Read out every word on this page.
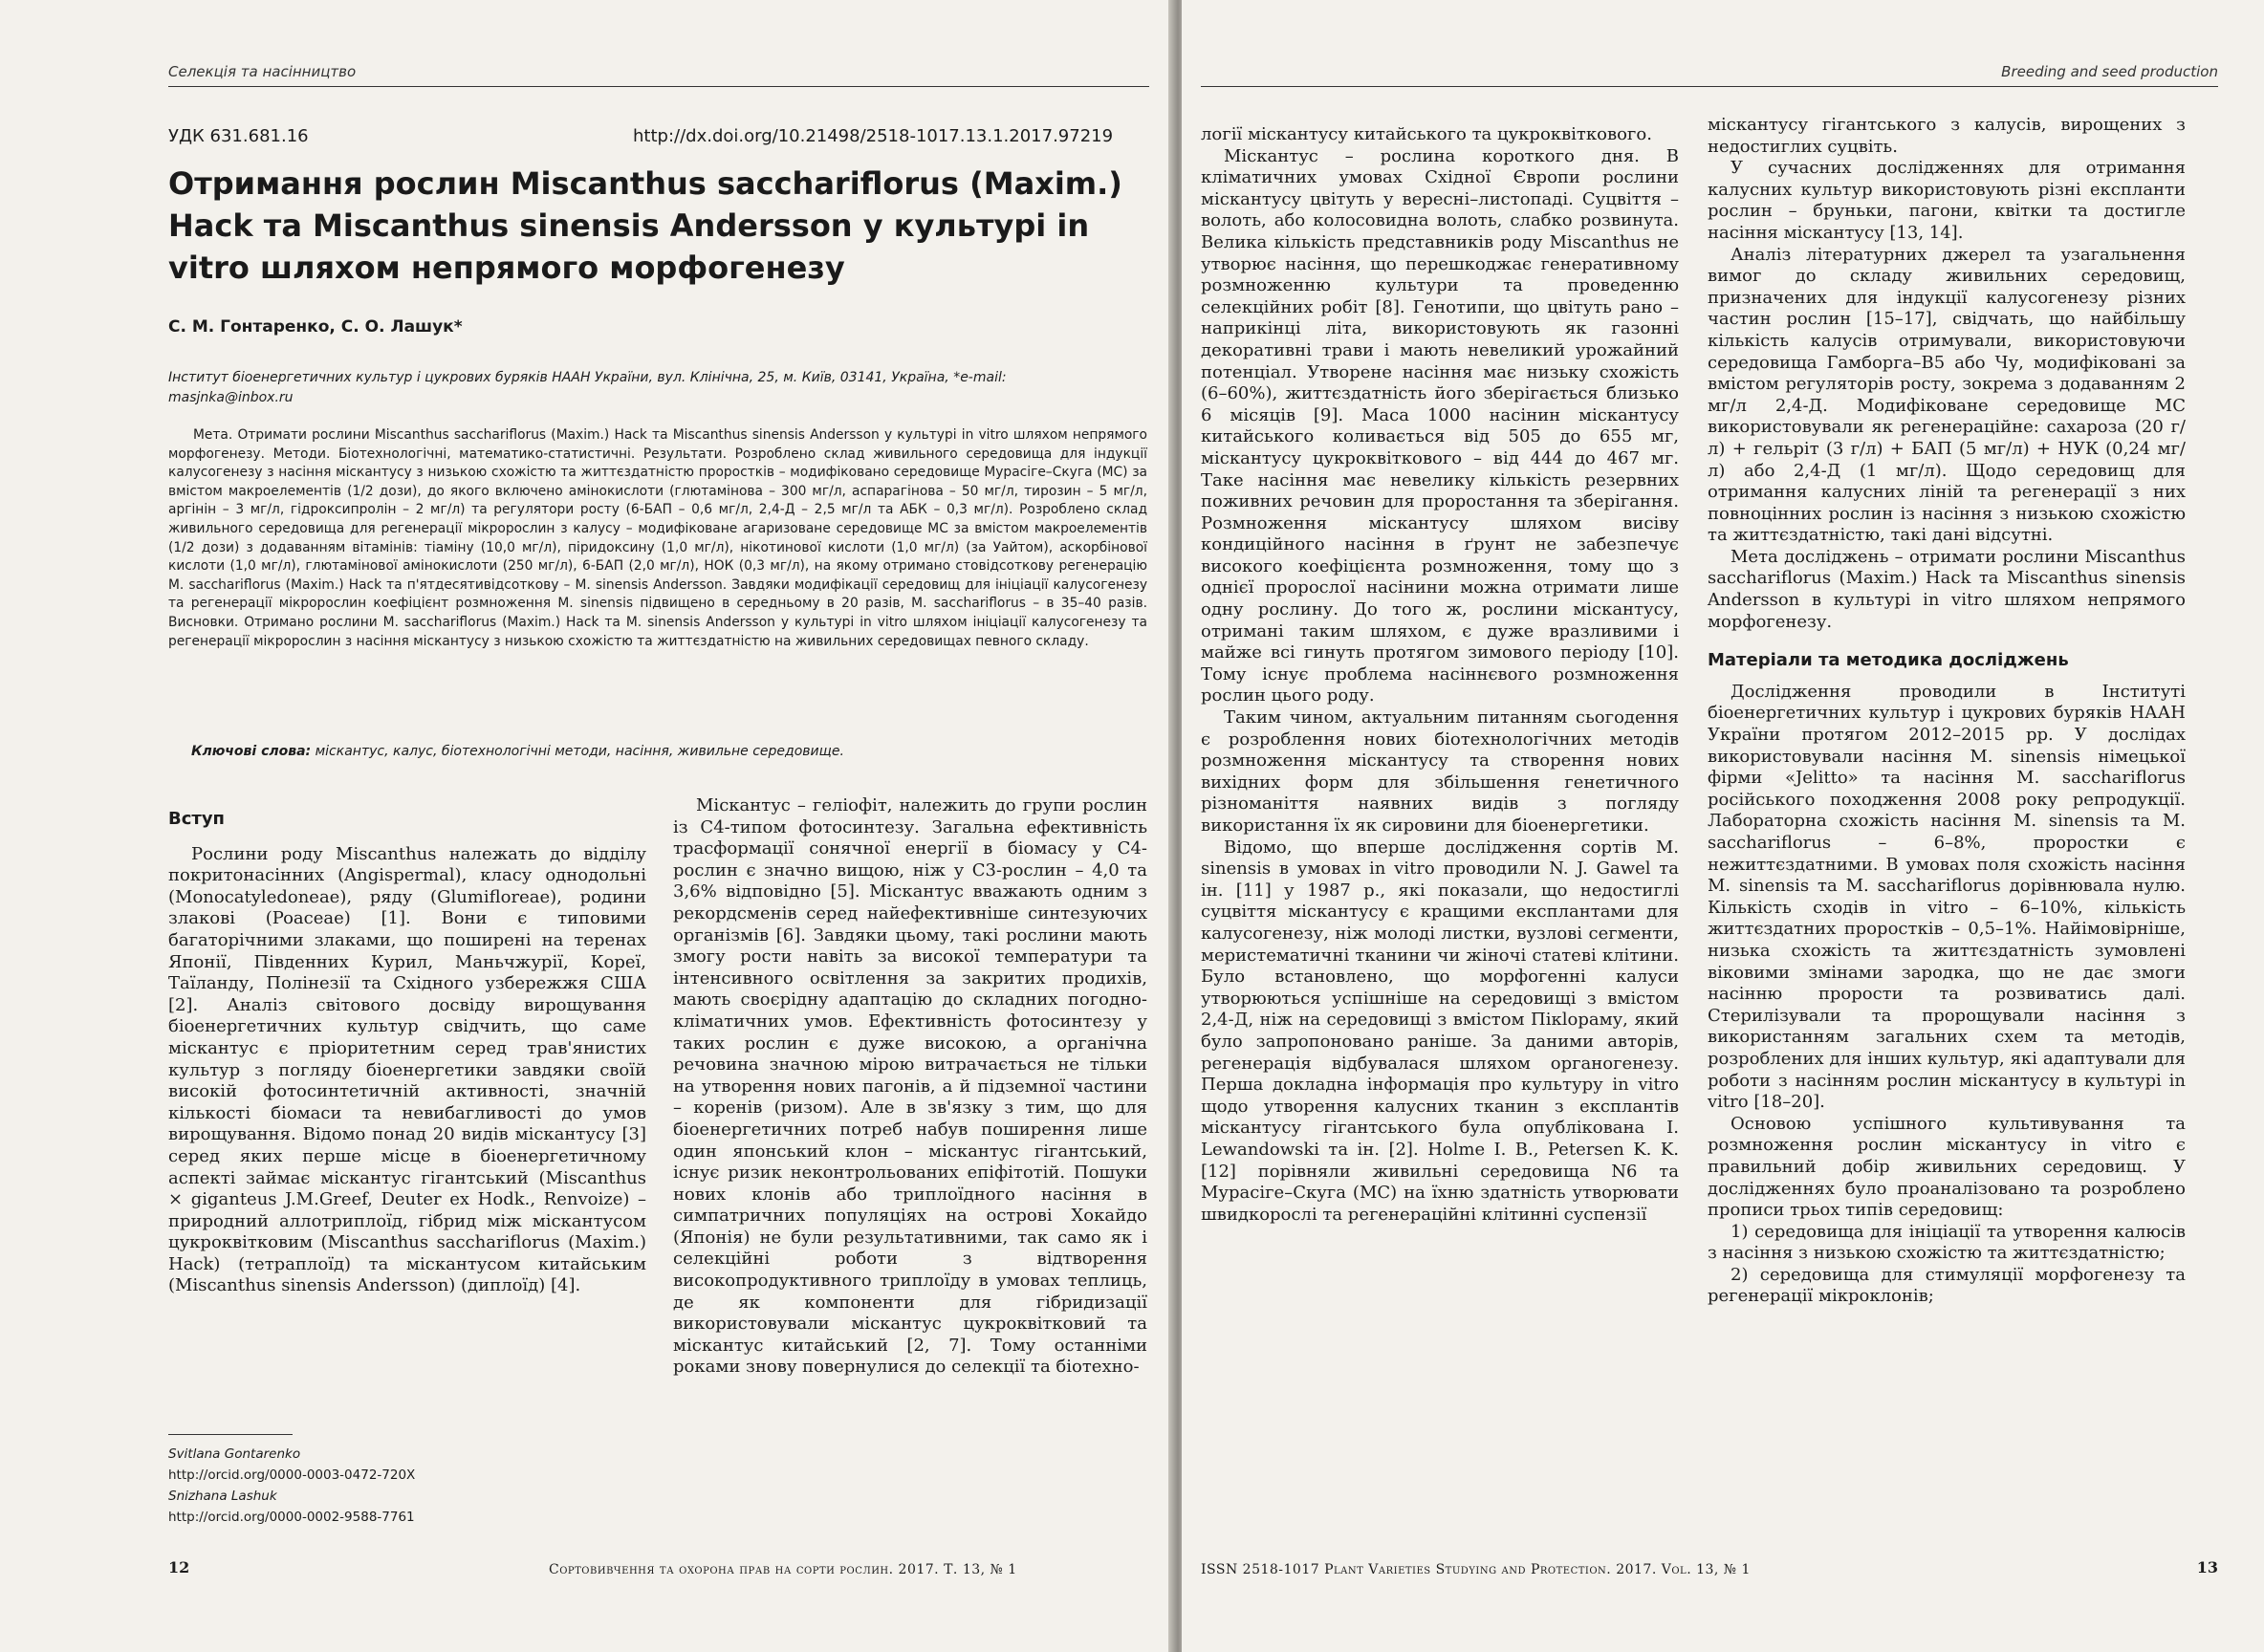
Селекція та насінництво
УДК 631.681.16	http://dx.doi.org/10.21498/2518-1017.13.1.2017.97219
Отримання рослин Miscanthus sacchariflorus (Maxim.) Hack та Miscanthus sinensis Andersson у культурі in vitro шляхом непрямого морфогенезу
С. М. Гонтаренко, С. О. Лашук*
Інститут біоенергетичних культур і цукрових буряків НААН України, вул. Клінічна, 25, м. Київ, 03141, Україна, *e-mail: masjnka@inbox.ru

Мета. Отримати рослини Miscanthus sacchariflorus (Maxim.) Hack та Miscanthus sinensis Andersson у культурі in vitro шляхом непрямого морфогенезу. Методи. Біотехнологічні, математико-статистичні. Результати. Розроблено склад живильного середовища для індукції калусогенезу з насіння міскантусу з низькою схожістю та життєздатністю проростків – модифіковано середовище Мурасіге–Скуга (МС) за вмістом макроелементів (1/2 дози), до якого включено амінокислоти (глютамінова – 300 мг/л, аспарагінова – 50 мг/л, тирозин – 5 мг/л, аргінін – 3 мг/л, гідроксипролін – 2 мг/л) та регулятори росту (6-БАП – 0,6 мг/л, 2,4-Д – 2,5 мг/л та АБК – 0,3 мг/л). Розроблено склад живильного середовища для регенерації мікророслин з калусу – модифіковане агаризоване середовище МС за вмістом макроелементів (1/2 дози) з додаванням вітамінів: тіаміну (10,0 мг/л), піридоксину (1,0 мг/л), нікотинової кислоти (1,0 мг/л) (за Уайтом), аскорбінової кислоти (1,0 мг/л), глютамінової амінокислоти (250 мг/л), 6-БАП (2,0 мг/л), НОК (0,3 мг/л), на якому отримано стовідсоткову регенерацію M. sacchariflorus (Maxim.) Hack та п'ятдесятивідсоткову – M. sinensis Andersson. Завдяки модифікації середовищ для ініціації калусогенезу та регенерації мікророслин коефіцієнт розмноження M. sinensis підвищено в середньому в 20 разів, M. sacchariflorus – в 35–40 разів. Висновки. Отримано рослини M. sacchariflorus (Maxim.) Hack та M. sinensis Andersson у культурі in vitro шляхом ініціації калусогенезу та регенерації мікророслин з насіння міскантусу з низькою схожістю та життєздатністю на живильних середовищах певного складу.

Ключові слова: міскантус, калус, біотехнологічні методи, насіння, живильне середовище.
Вступ

Рослини роду Miscanthus належать до відділу покритонасінних (Angispermal), класу однодольні (Monocatyledoneae), ряду (Glumifloreae), родини злакові (Poaceae) [1]. Вони є типовими багаторічними злаками, що поширені на теренах Японії, Південних Курил, Маньчжурії, Кореї, Таїланду, Полінезії та Східного узбережжя США [2]. Аналіз світового досвіду вирощування біоенергетичних культур свідчить, що саме міскантус є пріоритетним серед трав'янистих культур з погляду біоенергетики завдяки своїй високій фотосинтетичній активності, значній кількості біомаси та невибагливості до умов вирощування. Відомо понад 20 видів міскантусу [3] серед яких перше місце в біоенергетичному аспекті займає міскантус гігантський (Miscanthus × giganteus J.M.Greef, Deuter ex Hodk., Renvoize) – природний аллотриплоїд, гібрид між міскантусом цукроквітковим (Miscanthus sacchariflorus (Maxim.) Hack) (тетраплоїд) та міскантусом китайським (Miscanthus sinensis Andersson) (диплоїд) [4].

Міскантус – геліофіт, належить до групи рослин із С4-типом фотосинтезу. Загальна ефективність трасформації сонячної енергії в біомасу у С4-рослин є значно вищою, ніж у С3-рослин – 4,0 та 3,6% відповідно [5]. Міскантус вважають одним з рекордсменів серед найефективніше синтезуючих організмів [6]. Завдяки цьому, такі рослини мають змогу рости навіть за високої температури та інтенсивного освітлення за закритих продихів, мають своєрідну адаптацію до складних погодно-кліматичних умов. Ефективність фотосинтезу у таких рослин є дуже високою, а органічна речовина значною мірою витрачається не тільки на утворення нових пагонів, а й підземної частини – коренів (ризом). Але в зв'язку з тим, що для біоенергетичних потреб набув поширення лише один японський клон – міскантус гігантський, існує ризик неконтрольованих епіфітотій. Пошуки нових клонів або триплоїдного насіння в симпатричних популяціях на острові Хокайдо (Японія) не були результативними, так само як і селекційні роботи з відтворення високопродуктивного триплоїду в умовах теплиць, де як компоненти для гібридизації використовували міскантус цукроквітковий та міскантус китайський [2, 7]. Тому останніми роками знову повернулися до селекції та біотехно-

Svitlana Gontarenko
http://orcid.org/0000-0003-0472-720X
Snizhana Lashuk
http://orcid.org/0000-0002-9588-7761
12	Сортовивчення та охорона прав на сорти рослин. 2017. Т. 13, № 1
Breeding and seed production

логії міскантусу китайського та цукроквіткового.

Міскантус – рослина короткого дня. В кліматичних умовах Східної Європи рослини міскантусу цвітуть у вересні–листопаді. Суцвіття – волоть, або колосовидна волоть, слабко розвинута. Велика кількість представників роду Miscanthus не утворює насіння, що перешкоджає генеративному розмноженню культури та проведенню селекційних робіт [8]. Генотипи, що цвітуть рано – наприкінці літа, використовують як газонні декоративні трави і мають невеликий урожайний потенціал. Утворене насіння має низьку схожість (6–60%), життєздатність його зберігається близько 6 місяців [9]. Маса 1000 насінин міскантусу китайського коливається від 505 до 655 мг, міскантусу цукроквіткового – від 444 до 467 мг. Таке насіння має невелику кількість резервних поживних речовин для проростання та зберігання. Розмноження міскантусу шляхом висіву кондиційного насіння в ґрунт не забезпечує високого коефіцієнта розмноження, тому що з однієї пророслої насінини можна отримати лише одну рослину. До того ж, рослини міскантусу, отримані таким шляхом, є дуже вразливими і майже всі гинуть протягом зимового періоду [10]. Тому існує проблема насіннєвого розмноження рослин цього роду.

Таким чином, актуальним питанням сьогодення є розроблення нових біотехнологічних методів розмноження міскантусу та створення нових вихідних форм для збільшення генетичного різноманіття наявних видів з погляду використання їх як сировини для біоенергетики.

Відомо, що вперше дослідження сортів M. sinensis в умовах in vitro проводили N. J. Gawel та ін. [11] у 1987 р., які показали, що недостиглі суцвіття міскантусу є кращими експлантами для калусогенезу, ніж молоді листки, вузлові сегменти, меристематичні тканини чи жіночі статеві клітини. Було встановлено, що морфогенні калуси утворюються успішніше на середовищі з вмістом 2,4-Д, ніж на середовищі з вмістом Пікloраму, який було запропоновано раніше. За даними авторів, регенерація відбувалася шляхом органогенезу. Перша докладна інформація про культуру in vitro щодо утворення калусних тканин з експлантів міскантусу гігантського була опублікована I. Lewandowski та ін. [2]. Holme I. B., Petersen K. K. [12] порівняли живильні середовища N6 та Мурасіге–Скуга (МС) на їхню здатність утворювати швидкорослі та регенераційні клітинні суспензії

міскантусу гігантського з калусів, вирощених з недостиглих суцвіть.

У сучасних дослідженнях для отримання калусних культур використовують різні експланти рослин – бруньки, пагони, квітки та достигле насіння міскантусу [13, 14].

Аналіз літературних джерел та узагальнення вимог до складу живильних середовищ, призначених для індукції калусогенезу різних частин рослин [15–17], свідчать, що найбільшу кількість калусів отримували, використовуючи середовища Гамборга–В5 або Чу, модифіковані за вмістом регуляторів росту, зокрема з додаванням 2 мг/л 2,4-Д. Модифіковане середовище МС використовували як регенераційне: сахароза (20 г/л) + гельріт (3 г/л) + БАП (5 мг/л) + НУК (0,24 мг/л) або 2,4-Д (1 мг/л). Щодо середовищ для отримання калусних ліній та регенерації з них повноцінних рослин із насіння з низькою схожістю та життєздатністю, такі дані відсутні.

Мета досліджень – отримати рослини Miscanthus sacchariflorus (Maxim.) Hack та Miscanthus sinensis Andersson в культурі in vitro шляхом непрямого морфогенезу.

Матеріали та методика досліджень

Дослідження проводили в Інституті біоенергетичних культур і цукрових буряків НААН України протягом 2012–2015 рр. У дослідах використовували насіння M. sinensis німецької фірми «Jelitto» та насіння M. sacchariflorus російського походження 2008 року репродукції. Лабораторна схожість насіння M. sinensis та M. sacchariflorus – 6–8%, проростки є нежиттєздатними. В умовах поля схожість насіння M. sinensis та M. sacchariflorus дорівнювала нулю. Кількість сходів in vitro – 6–10%, кількість життєздатних проростків – 0,5–1%. Найімовірніше, низька схожість та життєздатність зумовлені віковими змінами зародка, що не дає змоги насінню прорости та розвиватись далі. Стерилізували та пророщували насіння з використанням загальних схем та методів, розроблених для інших культур, які адаптували для роботи з насінням рослин міскантусу в культурі in vitro [18–20].

Основою успішного культивування та розмноження рослин міскантусу in vitro є правильний добір живильних середовищ. У дослідженнях було проаналізовано та розроблено прописи трьох типів середовищ:

1) середовища для ініціації та утворення калюсів з насіння з низькою схожістю та життєздатністю;

2) середовища для стимуляції морфогенезу та регенерації мікроклонів;

ISSN 2518-1017 Plant Varieties Studying and Protection. 2017. Vol. 13, № 1	13
